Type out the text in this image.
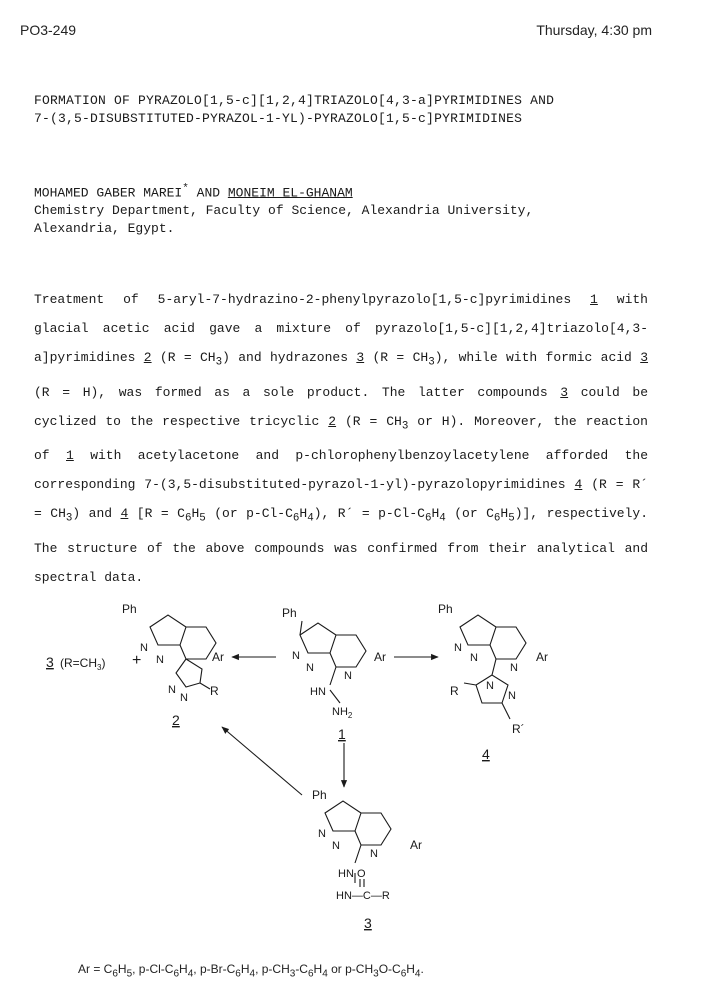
PO3-249	Thursday, 4:30 pm
FORMATION OF PYRAZOLO[1,5-c][1,2,4]TRIAZOLO[4,3-a]PYRIMIDINES AND
7-(3,5-DISUBSTITUTED-PYRAZOL-1-YL)-PYRAZOLO[1,5-c]PYRIMIDINES
MOHAMED GABER MAREI* AND MONEIM EL-GHANAM
Chemistry Department, Faculty of Science, Alexandria University,
Alexandria, Egypt.
Treatment of 5-aryl-7-hydrazino-2-phenylpyrazolo[1,5-c]pyrimidines 1 with glacial acetic acid gave a mixture of pyrazolo[1,5-c][1,2,4]triazolo[4,3-a]pyrimidines 2 $(R = CH_3)$ and hydrazones 3 $(R = CH_3)$, while with formic acid 3 (R = H), was formed as a sole product. The latter compounds 3 could be cyclized to the respective tricyclic 2 ($R = CH_3$ or H). Moreover, the reaction of 1 with acetylacetone and p-chlorophenylbenzoylacetylene afforded the corresponding 7-(3,5-disubstituted-pyrazol-1-yl)-pyrazolopyrimidines 4 (R = R´ = $CH_3$) and 4 [$R = C_6H_5$ (or $p-Cl-C_6H_4$), R´ = $p-Cl-C_6H_4$ (or $C_6H_5$)], respectively. The structure of the above compounds was confirmed from their analytical and spectral data.
Ph
N
N
N
Ar
HN
$NH_2$
1
Ph
N
N
N
N R
Ar
2
+
3 $(R=CH_3)$
Ph
N
N
N
N
N
Ar
R
R´
4
Ph
N
N
N
Ar
HN O
HN—C—R
3
$Ar = C_6H_5$, $p-Cl-C_6H_4$, $p-Br-C_6H_4$, $p-CH_3-C_6H_4$ or $p-CH_3O-C_6H_4$.
